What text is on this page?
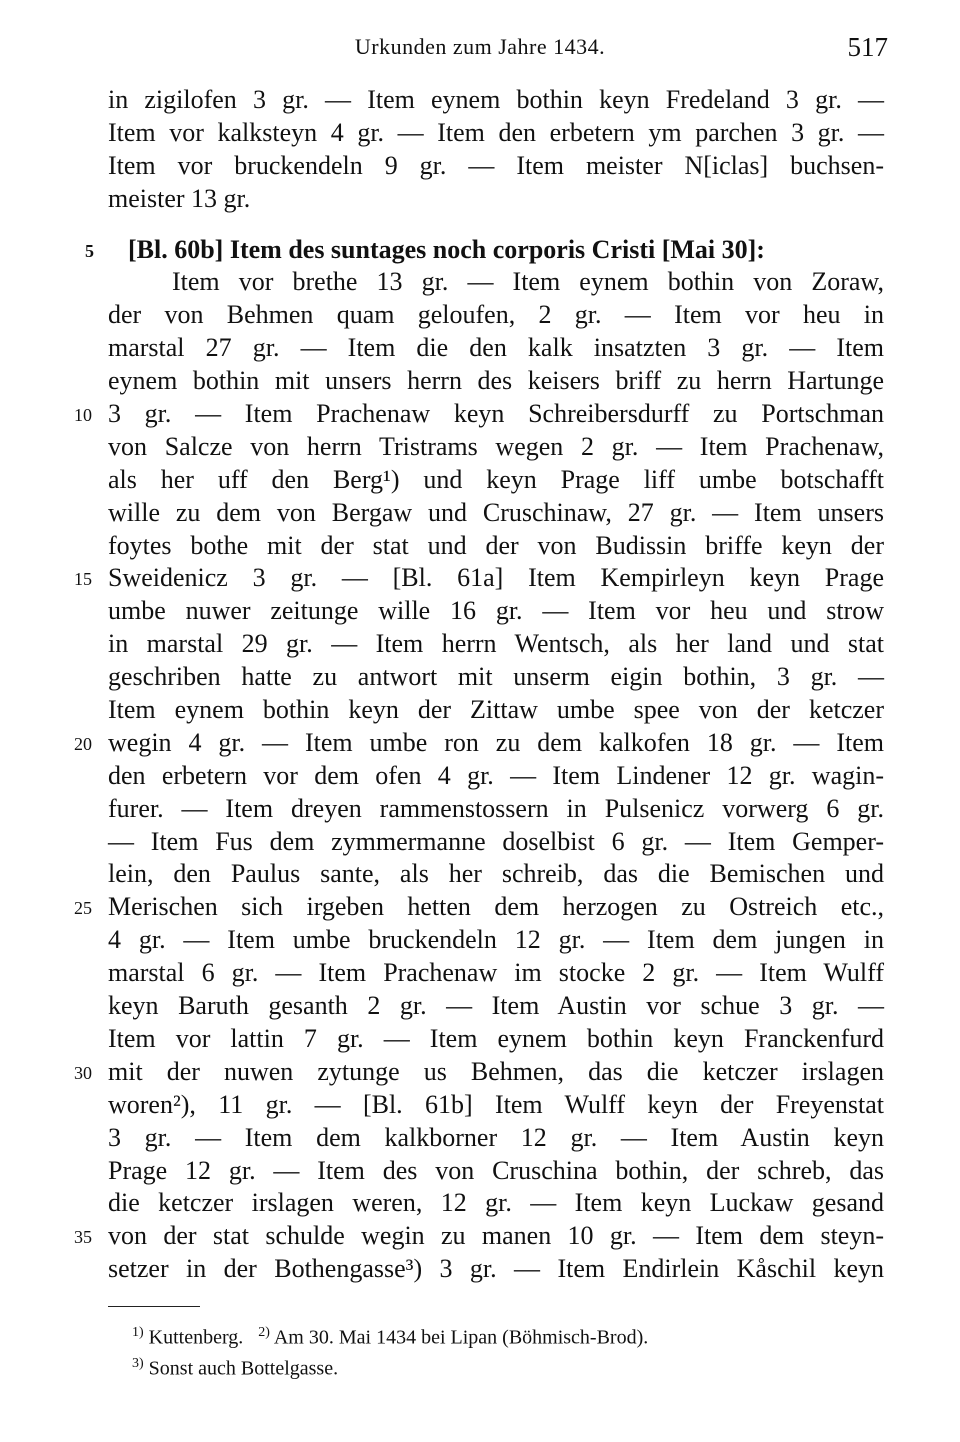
Urkunden zum Jahre 1434.	517
in zigilofen 3 gr. — Item eynem bothin keyn Fredeland 3 gr. —
Item vor kalksteyn 4 gr. — Item den erbetern ym parchen 3 gr. —
Item vor bruckendeln 9 gr. — Item meister N[iclas] buchsen-
meister 13 gr.
5 [Bl. 60b] Item des suntages noch corporis Cristi [Mai 30]:
Item vor brethe 13 gr. — Item eynem bothin von Zoraw,
der von Behmen quam geloufen, 2 gr. — Item vor heu in
marstal 27 gr. — Item die den kalk insatzten 3 gr. — Item
eynem bothin mit unsers herrn des keisers briff zu herrn Hartunge
10 3 gr. — Item Prachenaw keyn Schreibersdurff zu Portschman
von Salcze von herrn Tristrams wegen 2 gr. — Item Prachenaw,
als her uff den Berg¹) und keyn Prage liff umbe botschafft
wille zu dem von Bergaw und Cruschinaw, 27 gr. — Item unsers
foytes bothe mit der stat und der von Budissin briffe keyn der
15 Sweidenicz 3 gr. — [Bl. 61a] Item Kempirleyn keyn Prage
umbe nuwer zeitunge wille 16 gr. — Item vor heu und strow
in marstal 29 gr. — Item herrn Wentsch, als her land und stat
geschriben hatte zu antwort mit unserm eigin bothin, 3 gr. —
Item eynem bothin keyn der Zittaw umbe spee von der ketczer
20 wegin 4 gr. — Item umbe ron zu dem kalkofen 18 gr. — Item
den erbetern vor dem ofen 4 gr. — Item Lindener 12 gr. wagin-
furer. — Item dreyen rammenstossern in Pulsenicz vorwerg 6 gr.
— Item Fus dem zymmermanne doselbist 6 gr. — Item Gemper-
lein, den Paulus sante, als her schreib, das die Bemischen und
25 Merischen sich irgeben hetten dem herzogen zu Ostreich etc.,
4 gr. — Item umbe bruckendeln 12 gr. — Item dem jungen in
marstal 6 gr. — Item Prachenaw im stocke 2 gr. — Item Wulff
keyn Baruth gesanth 2 gr. — Item Austin vor schue 3 gr. —
Item vor lattin 7 gr. — Item eynem bothin keyn Franckenfurd
30 mit der nuwen zytunge us Behmen, das die ketczer irslagen
woren²), 11 gr. — [Bl. 61b] Item Wulff keyn der Freyenstat
3 gr. — Item dem kalkborner 12 gr. — Item Austin keyn
Prage 12 gr. — Item des von Cruschina bothin, der schreb, das
die ketczer irslagen weren, 12 gr. — Item keyn Luckaw gesand
35 von der stat schulde wegin zu manen 10 gr. — Item dem steyn-
setzer in der Bothengasse³) 3 gr. — Item Endirlein Kåschil keyn
$^{1)}$ Kuttenberg. $^{2)}$ Am 30. Mai 1434 bei Lipan (Böhmisch-Brod).
$^{3)}$ Sonst auch Bottelgasse.
